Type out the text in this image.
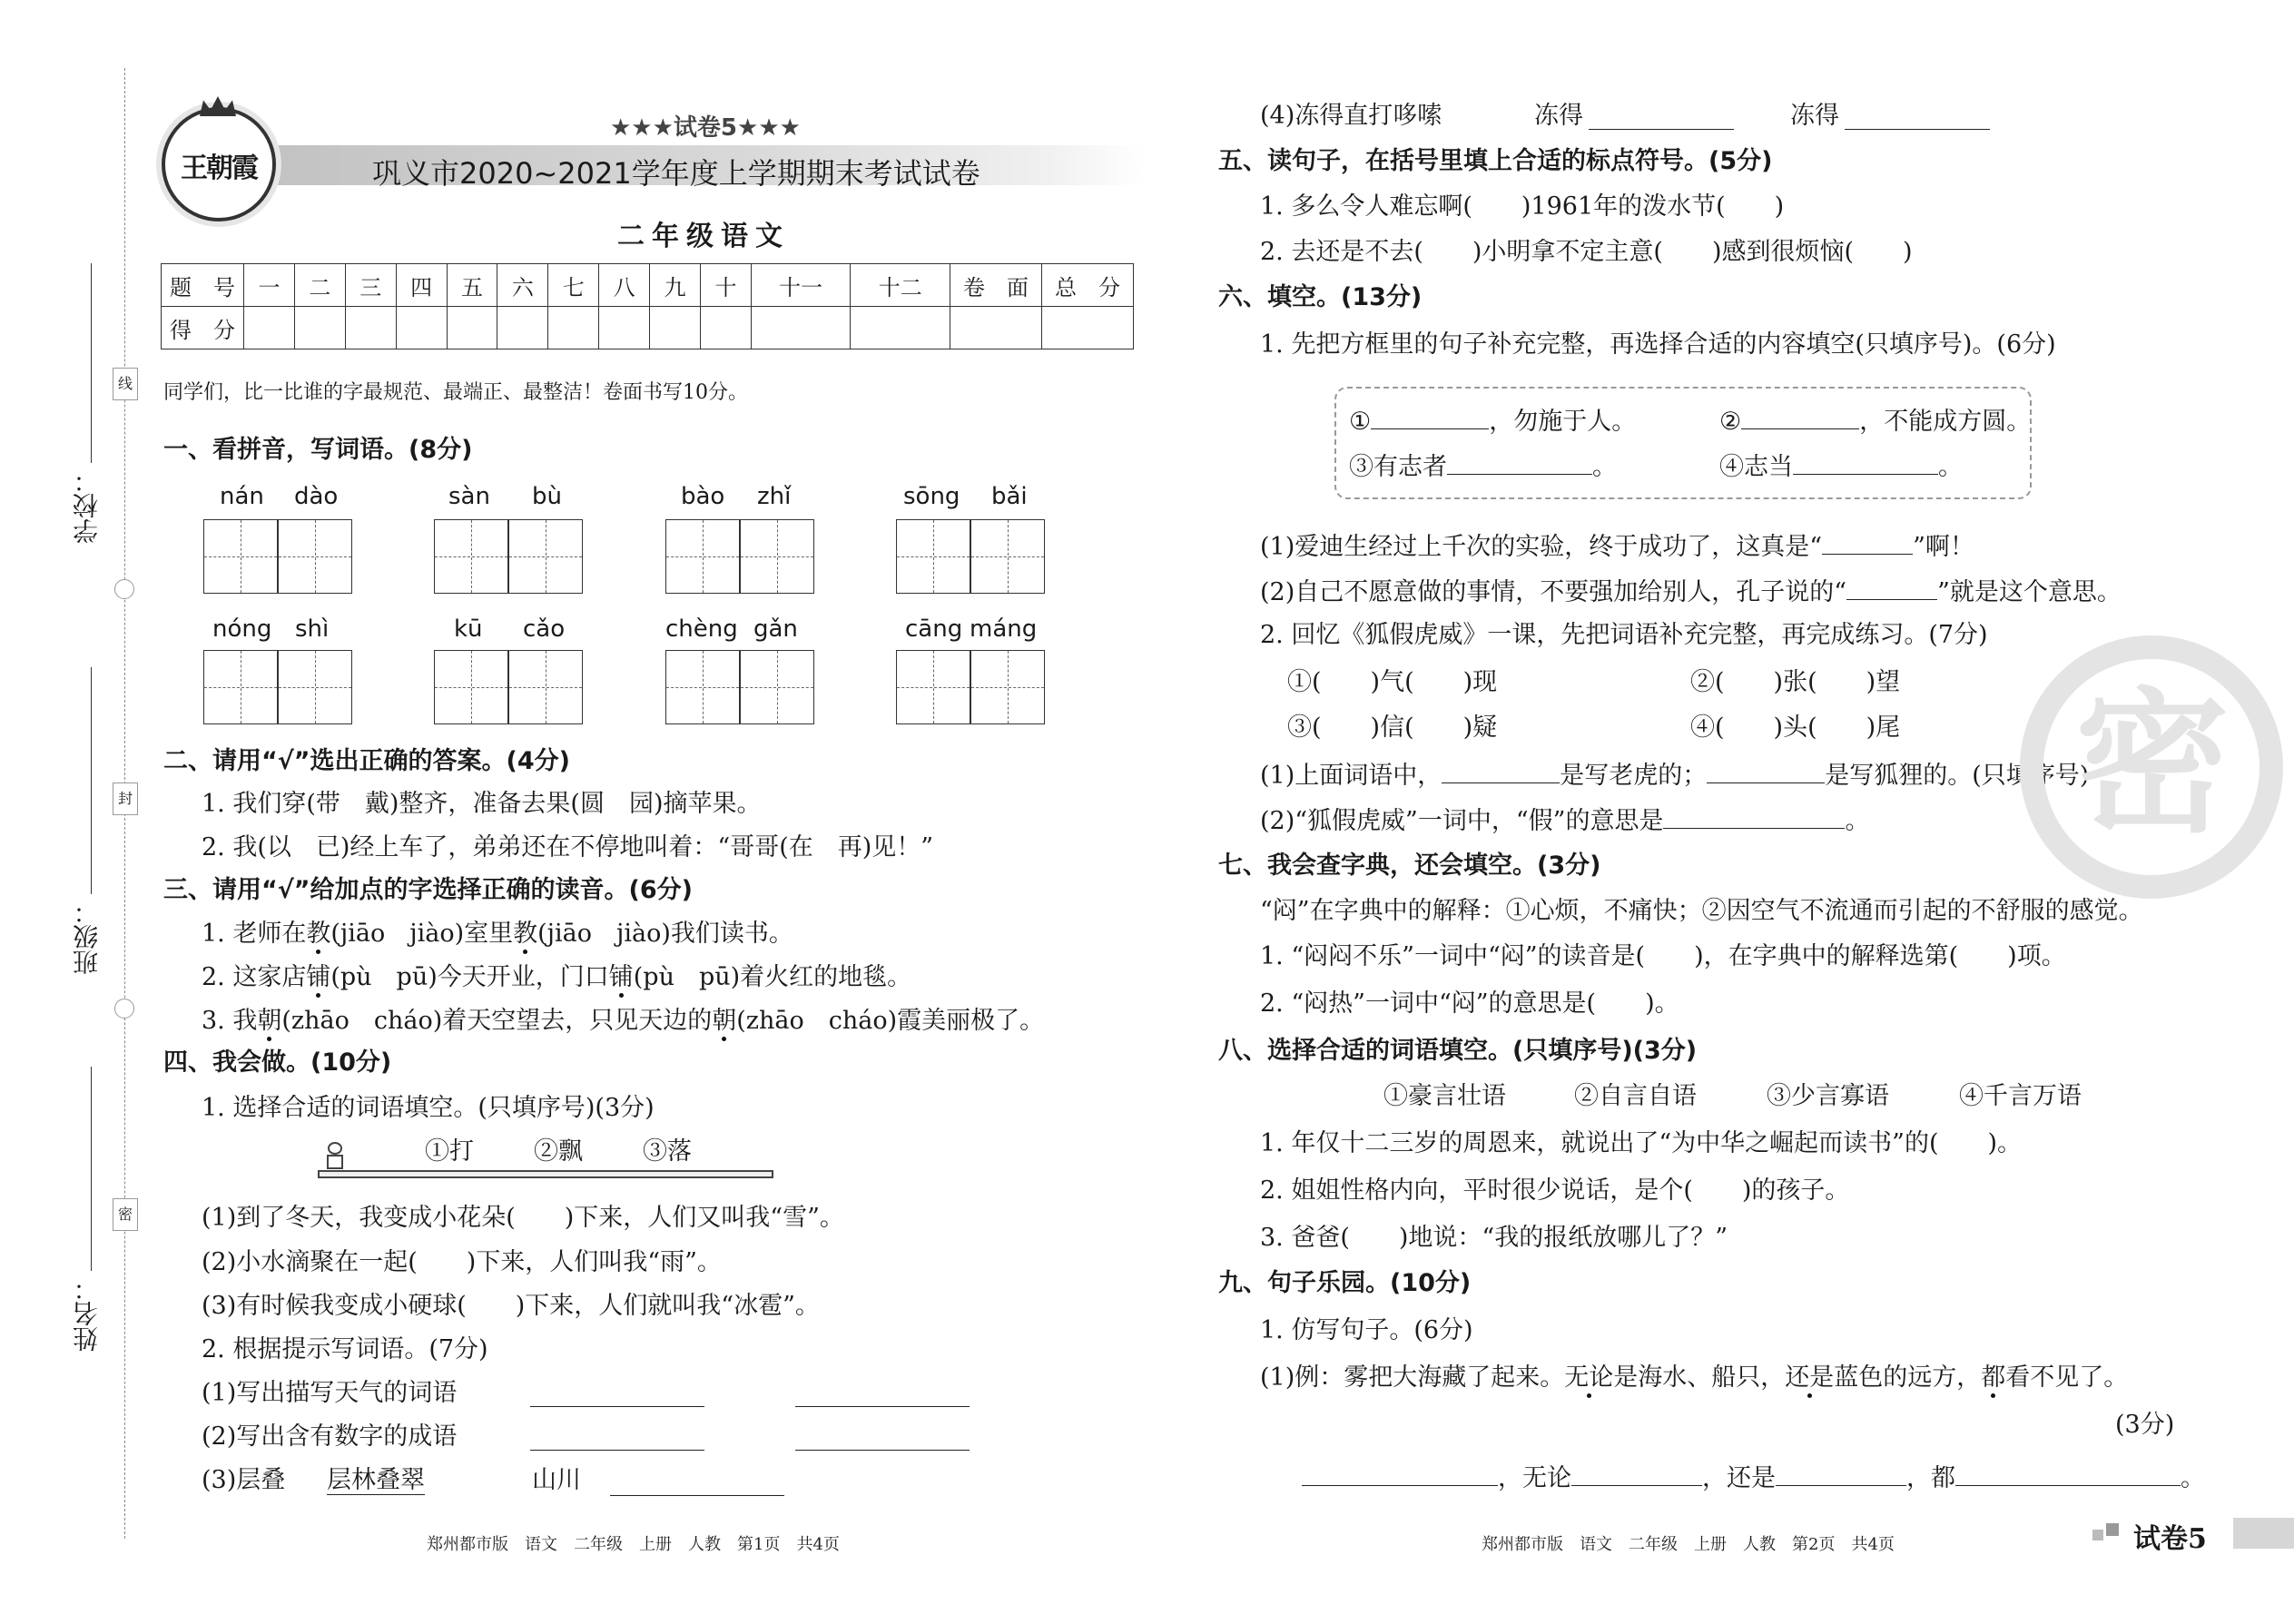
线
封
密
学校：
班级：
姓名：
王朝霞
★★★试卷5★★★
巩义市2020~2021学年度上学期期末考试试卷
二年级语文
题　号	一	二	三	四	五	六	七	八	九	十	十一	十二	卷　面	总　分
得　分														
同学们，比一比谁的字最规范、最端正、最整洁！卷面书写10分。
一、看拼音，写词语。(8分)
nán dào	sàn bù	bào zhǐ	sōng bǎi
nóng shì	kū cǎo	chèng gǎn	cāng máng
二、请用“√”选出正确的答案。(4分)
1. 我们穿(带　戴)整齐，准备去果(圆　园)摘苹果。
2. 我(以　已)经上车了，弟弟还在不停地叫着：“哥哥(在　再)见！”
三、请用“√”给加点的字选择正确的读音。(6分)
1. 老师在教(jiāo　jiào)室里教(jiāo　jiào)我们读书。
2. 这家店铺(pù　pū)今天开业，门口铺(pù　pū)着火红的地毯。
3. 我朝(zhāo　cháo)着天空望去，只见天边的朝(zhāo　cháo)霞美丽极了。
四、我会做。(10分)
1. 选择合适的词语填空。(只填序号)(3分)
①打 ②飘 ③落
(1)到了冬天，我变成小花朵(　　)下来，人们又叫我“雪”。
(2)小水滴聚在一起(　　)下来，人们叫我“雨”。
(3)有时候我变成小硬球(　　)下来，人们就叫我“冰雹”。
2. 根据提示写词语。(7分)
(1)写出描写天气的词语
(2)写出含有数字的成语
(3)层叠 层林叠翠	山川
郑州都市版　语文　二年级　上册　人教　第1页　共4页
(4)冻得直打哆嗦	冻得	冻得
五、读句子，在括号里填上合适的标点符号。(5分)
1. 多么令人难忘啊(　　)1961年的泼水节(　　)
2. 去还是不去(　　)小明拿不定主意(　　)感到很烦恼(　　)
六、填空。(13分)
1. 先把方框里的句子补充完整，再选择合适的内容填空(只填序号)。(6分)
①	，勿施于人。	②	，不能成方圆。
③有志者	。	④志当	。
(1)爱迪生经过上千次的实验，终于成功了，这真是“	”啊！
(2)自己不愿意做的事情，不要强加给别人，孔子说的“	”就是这个意思。
2. 回忆《狐假虎威》一课，先把词语补充完整，再完成练习。(7分)
①(　　)气(　　)现	②(　　)张(　　)望
③(　　)信(　　)疑	④(　　)头(　　)尾
(1)上面词语中，	是写老虎的；	是写狐狸的。(只填序号)
(2)“狐假虎威”一词中，“假”的意思是	。
七、我会查字典，还会填空。(3分)
“闷”在字典中的解释：①心烦，不痛快；②因空气不流通而引起的不舒服的感觉。
1. “闷闷不乐”一词中“闷”的读音是(　　)，在字典中的解释选第(　　)项。
2. “闷热”一词中“闷”的意思是(　　)。
八、选择合适的词语填空。(只填序号)(3分)
①豪言壮语	②自言自语	③少言寡语	④千言万语
1. 年仅十二三岁的周恩来，就说出了“为中华之崛起而读书”的(　　)。
2. 姐姐性格内向，平时很少说话，是个(　　)的孩子。
3. 爸爸(　　)地说：“我的报纸放哪儿了？”
九、句子乐园。(10分)
1. 仿写句子。(6分)
(1)例：雾把大海藏了起来。无论是海水、船只，还是蓝色的远方，都看不见了。
(3分)
，无论	，还是	，都	。
郑州都市版　语文　二年级　上册　人教　第2页　共4页	试卷5
密
